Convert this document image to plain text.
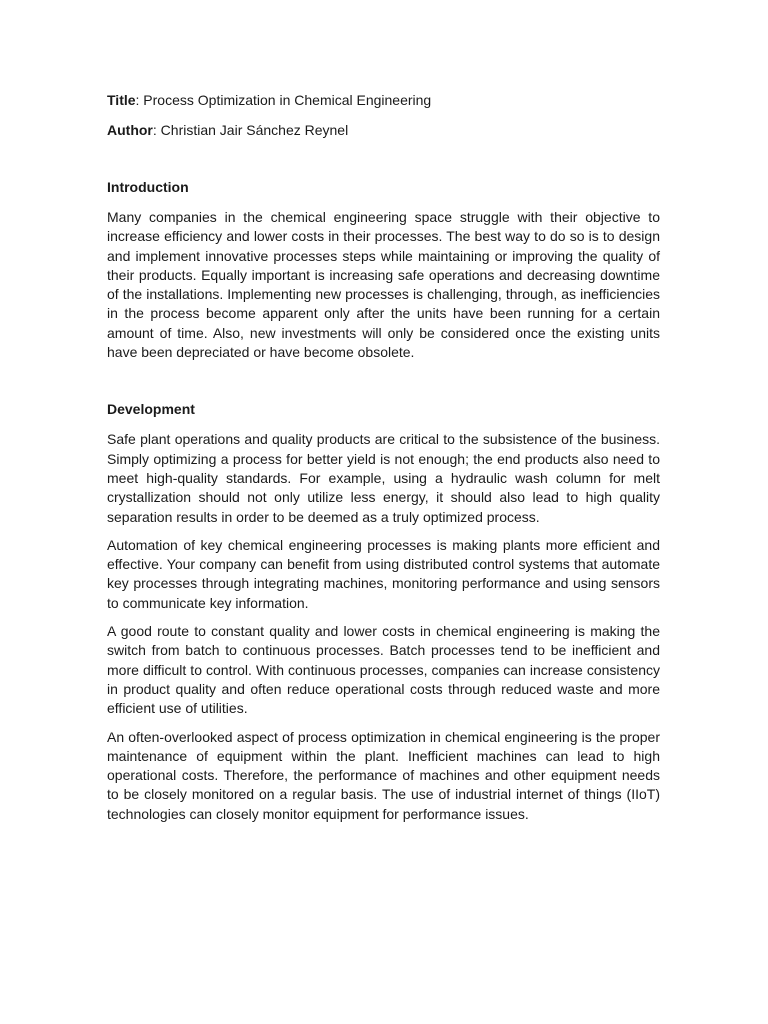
Title: Process Optimization in Chemical Engineering
Author: Christian Jair Sánchez Reynel
Introduction

Many companies in the chemical engineering space struggle with their objective to increase efficiency and lower costs in their processes. The best way to do so is to design and implement innovative processes steps while maintaining or improving the quality of their products. Equally important is increasing safe operations and decreasing downtime of the installations. Implementing new processes is challenging, through, as inefficiencies in the process become apparent only after the units have been running for a certain amount of time. Also, new investments will only be considered once the existing units have been depreciated or have become obsolete.

Development

Safe plant operations and quality products are critical to the subsistence of the business. Simply optimizing a process for better yield is not enough; the end products also need to meet high-quality standards. For example, using a hydraulic wash column for melt crystallization should not only utilize less energy, it should also lead to high quality separation results in order to be deemed as a truly optimized process.

Automation of key chemical engineering processes is making plants more efficient and effective. Your company can benefit from using distributed control systems that automate key processes through integrating machines, monitoring performance and using sensors to communicate key information.

A good route to constant quality and lower costs in chemical engineering is making the switch from batch to continuous processes. Batch processes tend to be inefficient and more difficult to control. With continuous processes, companies can increase consistency in product quality and often reduce operational costs through reduced waste and more efficient use of utilities.

An often-overlooked aspect of process optimization in chemical engineering is the proper maintenance of equipment within the plant. Inefficient machines can lead to high operational costs. Therefore, the performance of machines and other equipment needs to be closely monitored on a regular basis. The use of industrial internet of things (IIoT) technologies can closely monitor equipment for performance issues.
